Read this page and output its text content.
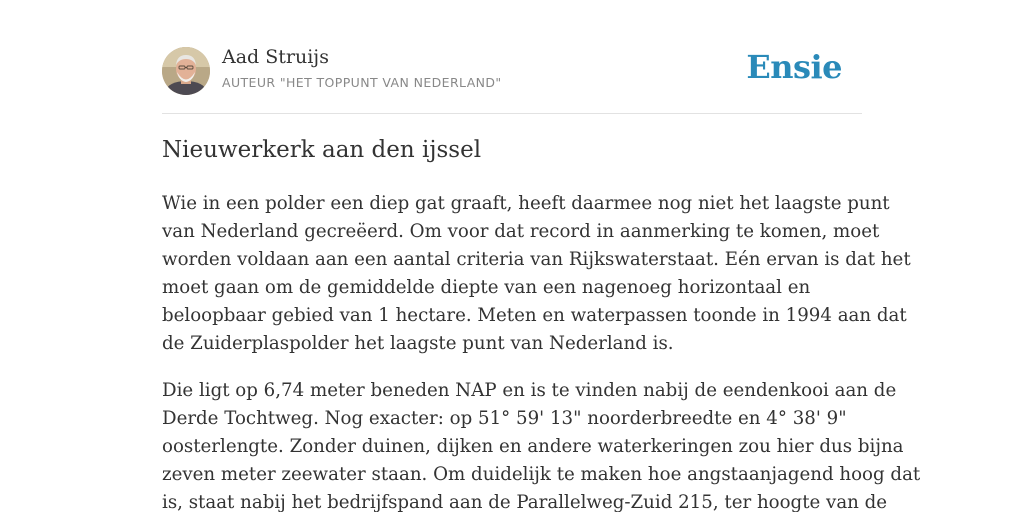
Aad Struijs
AUTEUR "HET TOPPUNT VAN NEDERLAND"	Ensie
Nieuwerkerk aan den ijssel

Wie in een polder een diep gat graaft, heeft daarmee nog niet het laagste punt
van Nederland gecreëerd. Om voor dat record in aanmerking te komen, moet
worden voldaan aan een aantal criteria van Rijkswaterstaat. Eén ervan is dat het
moet gaan om de gemiddelde diepte van een nagenoeg horizontaal en
beloopbaar gebied van 1 hectare. Meten en waterpassen toonde in 1994 aan dat
de Zuiderplaspolder het laagste punt van Nederland is.

Die ligt op 6,74 meter beneden NAP en is te vinden nabij de eendenkooi aan de
Derde Tochtweg. Nog exacter: op 51° 59' 13" noorderbreedte en 4° 38' 9"
oosterlengte. Zonder duinen, dijken en andere waterkeringen zou hier dus bijna
zeven meter zeewater staan. Om duidelijk te maken hoe angstaanjagend hoog dat
is, staat nabij het bedrijfspand aan de Parallelweg-Zuid 215, ter hoogte van de
